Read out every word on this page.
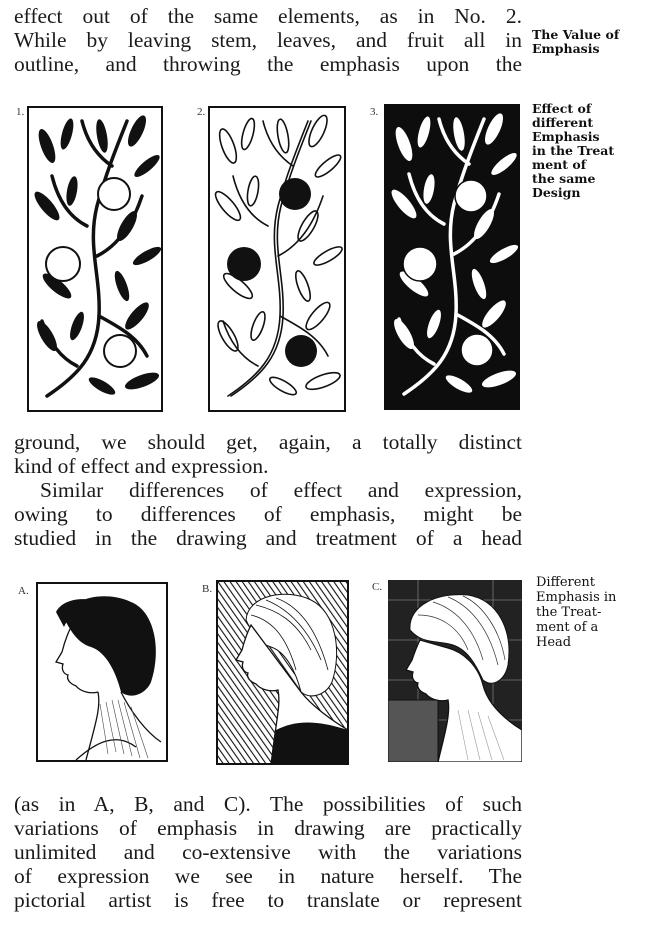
effect out of the same elements, as in No. 2.
While by leaving stem, leaves, and fruit all in
outline, and throwing the emphasis upon the
The Value of
Emphasis
1.	2.	3.	Effect of
different
Emphasis
in the Treat
ment of
the same
Design
ground, we should get, again, a totally distinct
kind of effect and expression.
Similar differences of effect and expression,
owing to differences of emphasis, might be
studied in the drawing and treatment of a head
A.	B.	C.	Different
Emphasis in
the Treat-
ment of a
Head
(as in A, B, and C). The possibilities of such
variations of emphasis in drawing are practically
unlimited and co-extensive with the variations
of expression we see in nature herself. The
pictorial artist is free to translate or represent
